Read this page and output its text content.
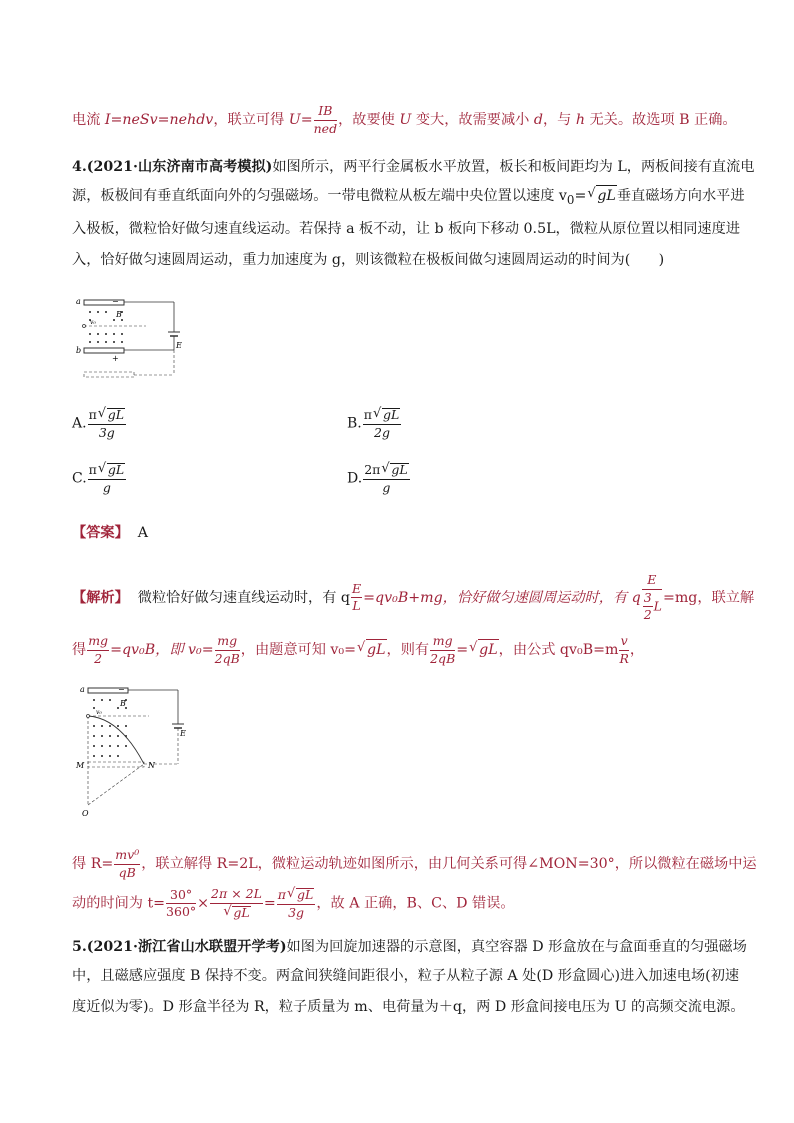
电流 I=neSv=nehdv，联立可得 $U= \frac{IB}{\text{ned}}$ ，故要使 U 变大，故需要减小 d，与 h 无关。故选项 B 正确。
4.(2021·山东济南市高考模拟)如图所示，两平行金属板水平放置，板长和板间距均为 L，两板间接有直流电
源，板极间有垂直纸面向外的匀强磁场。一带电微粒从板左端中央位置以速度 $v_0=√$ gL垂直磁场方向水平进
入极板，微粒恰好做匀速直线运动。若保持 a 板不动，让 b 板向下移动 0.5L，微粒从原位置以相同速度进
入，恰好做匀速圆周运动，重力加速度为 g，则该微粒在极板间做匀速圆周运动的时间为(　　)
a
b
−
+
B
v₀
E
A. $\frac{\pi√ gL}{3g}$	B. $\frac{\pi√ gL}{2g}$
C. $\frac{\pi√ gL}{g}$	D. $\frac{2\pi√ gL}{g}$
【答案】 A
【解析】 微粒恰好做匀速直线运动时，有 q $\frac{E}{L} =qv_0B+mg$，恰好做匀速圆周运动时，有 q $\frac{E}{\frac{3}{2} L} =mg$，联立解
得 $\frac{mg}{2} =qv_0B$，即 $v_0= \frac{mg}{2qB}$ ，由题意可知 v₀=√ gL，则有 $\frac{mg}{2qB}$ =√ gL，由公式 $qv_0B=m \frac{v}{R}$ ，
a	−
B
v₀
E
M	N
O
得 $R= \frac{\text{mv⁰}}{qB}$ ，联立解得 R=2L，微粒运动轨迹如图所示，由几何关系可得∠MON=30°，所以微粒在磁场中运
动的时间为 $t= \frac{30^\circ}{360^\circ} \times 2\pi \times 2L$
√ gL = $\frac{\pi√ gL}{3g}$ ，故 A 正确，B、C、D 错误。
5.(2021·浙江省山水联盟开学考)如图为回旋加速器的示意图，真空容器 D 形盒放在与盒面垂直的匀强磁场
中，且磁感应强度 B 保持不变。两盒间狭缝间距很小，粒子从粒子源 A 处(D 形盒圆心)进入加速电场(初速
度近似为零)。D 形盒半径为 R，粒子质量为 m、电荷量为＋q，两 D 形盒间接电压为 U 的高频交流电源。
